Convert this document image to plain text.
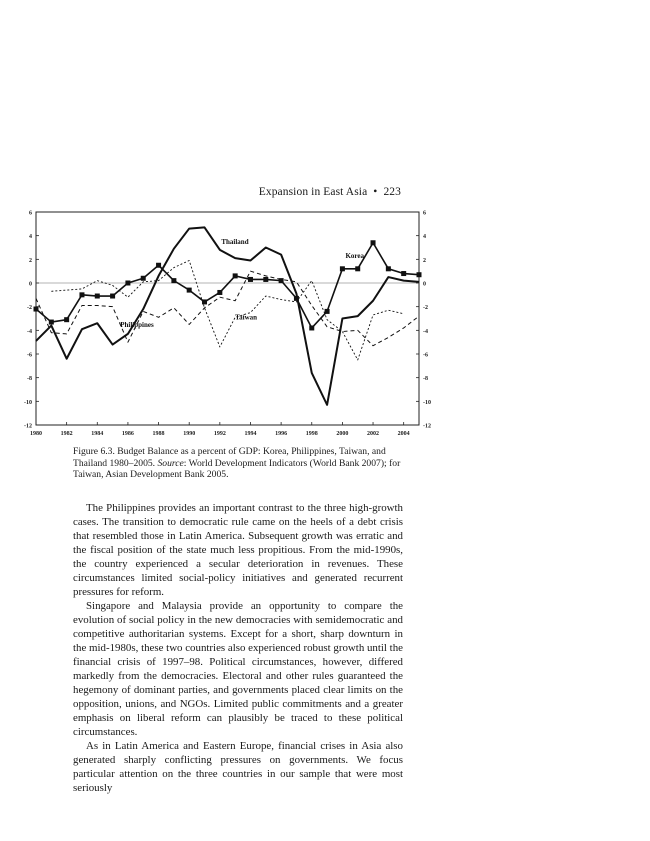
Expansion in East Asia • 223
-12	-12
-10	-10
-8	-8
-6	-6
-4	-4
-2	-2
0	0
2	2
4	4
6	6
1980	1982	1984	1986	1988	1990	1992	1994	1996	1998	2000	2002	2004
Thailand
Korea
Philippines
Taiwan
Figure 6.3. Budget Balance as a percent of GDP: Korea, Philippines, Taiwan, and Thailand 1980–2005. Source: World Development Indicators (World Bank 2007); for Taiwan, Asian Development Bank 2005.

The Philippines provides an important contrast to the three high-growth cases. The transition to democratic rule came on the heels of a debt crisis that resembled those in Latin America. Subsequent growth was erratic and the fiscal position of the state much less propitious. From the mid-1990s, the country experienced a secular deterioration in revenues. These circumstances limited social-policy initiatives and generated recurrent pressures for reform.

Singapore and Malaysia provide an opportunity to compare the evolution of social policy in the new democracies with semidemocratic and competitive authoritarian systems. Except for a short, sharp downturn in the mid-1980s, these two countries also experienced robust growth until the financial crisis of 1997–98. Political circumstances, however, differed markedly from the democracies. Electoral and other rules guaranteed the hegemony of dominant parties, and governments placed clear limits on the opposition, unions, and NGOs. Limited public commitments and a greater emphasis on liberal reform can plausibly be traced to these political circumstances.

As in Latin America and Eastern Europe, financial crises in Asia also generated sharply conflicting pressures on governments. We focus particular attention on the three countries in our sample that were most seriously
